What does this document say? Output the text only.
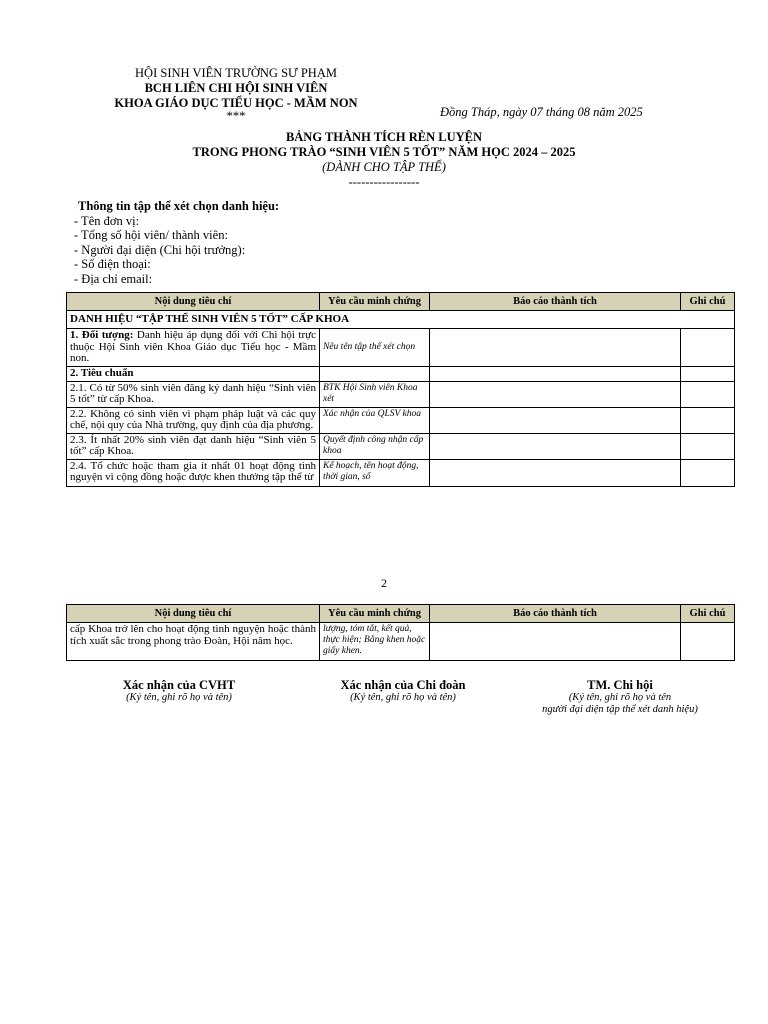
HỘI SINH VIÊN TRƯỜNG SƯ PHẠM
BCH LIÊN CHI HỘI SINH VIÊN
KHOA GIÁO DỤC TIỂU HỌC - MẦM NON
***	Đồng Tháp, ngày 07 tháng 08 năm 2025
BẢNG THÀNH TÍCH RÈN LUYỆN
TRONG PHONG TRÀO “SINH VIÊN 5 TỐT” NĂM HỌC 2024 – 2025
(DÀNH CHO TẬP THỂ)
-----------------
Thông tin tập thể xét chọn danh hiệu:
- Tên đơn vị:
- Tổng số hội viên/ thành viên:
- Người đại diện (Chi hội trưởng):
- Số điện thoại:
- Địa chỉ email:
Nội dung tiêu chí	Yêu cầu minh chứng	Báo cáo thành tích	Ghi chú
DANH HIỆU “TẬP THỂ SINH VIÊN 5 TỐT” CẤP KHOA			
1. Đối tượng: Danh hiệu áp dụng đối với Chi hội trực thuộc Hội Sinh viên Khoa Giáo dục Tiểu học - Mầm non.	Nêu tên tập thể xét chọn		
2. Tiêu chuẩn			
2.1. Có từ 50% sinh viên đăng ký danh hiệu “Sinh viên 5 tốt” từ cấp Khoa.	BTK Hội Sinh viên Khoa xét		
2.2. Không có sinh viên vi phạm pháp luật và các quy chế, nội quy của Nhà trường, quy định của địa phương.	Xác nhận của QLSV khoa		
2.3. Ít nhất 20% sinh viên đạt danh hiệu “Sinh viên 5 tốt” cấp Khoa.	Quyết định công nhận cấp khoa		

2.4. Tổ chức hoặc tham gia ít nhất 01 hoạt động tình nguyện vì cộng đồng hoặc được khen thưởng tập thể từ	Kế hoạch, tên hoạt động, thời gian, số		

2
Nội dung tiêu chí	Yêu cầu minh chứng	Báo cáo thành tích	Ghi chú
cấp Khoa trở lên cho hoạt động tình nguyện hoặc thành tích xuất sắc trong phong trào Đoàn, Hội năm học.	lượng, tóm tắt, kết quả, thực hiện; Bằng khen hoặc giấy khen.		
Xác nhận của CVHT
(Ký tên, ghi rõ họ và tên)
Xác nhận của Chi đoàn
(Ký tên, ghi rõ họ và tên)
TM. Chi hội
(Ký tên, ghi rõ họ và tên
người đại diện tập thể xét danh hiệu)
